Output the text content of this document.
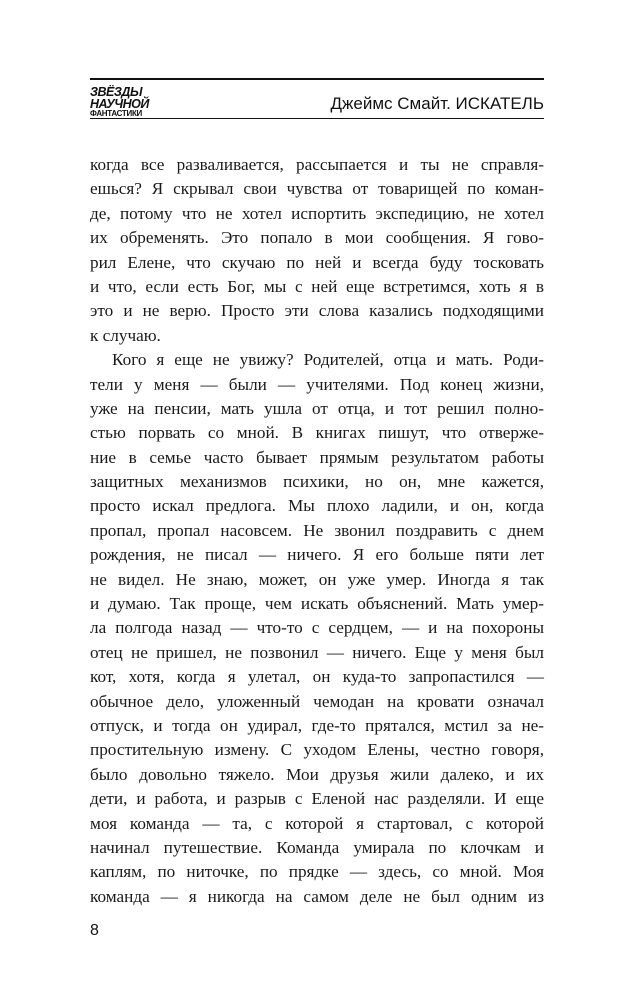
ЗВЁЗДЫ
НАУЧНОЙ
ФАНТАСТИКИ
Джеймс Смайт. ИСКАТЕЛЬ
когда все разваливается, рассыпается и ты не справля-
ешься? Я скрывал свои чувства от товарищей по коман-
де, потому что не хотел испортить экспедицию, не хотел
их обременять. Это попало в мои сообщения. Я гово-
рил Елене, что скучаю по ней и всегда буду тосковать
и что, если есть Бог, мы с ней еще встретимся, хоть я в
это и не верю. Просто эти слова казались подходящими
к случаю.
Кого я еще не увижу? Родителей, отца и мать. Роди-
тели у меня — были — учителями. Под конец жизни,
уже на пенсии, мать ушла от отца, и тот решил полно-
стью порвать со мной. В книгах пишут, что отверже-
ние в семье часто бывает прямым результатом работы
защитных механизмов психики, но он, мне кажется,
просто искал предлога. Мы плохо ладили, и он, когда
пропал, пропал насовсем. Не звонил поздравить с днем
рождения, не писал — ничего. Я его больше пяти лет
не видел. Не знаю, может, он уже умер. Иногда я так
и думаю. Так проще, чем искать объяснений. Мать умер-
ла полгода назад — что-то с сердцем, — и на похороны
отец не пришел, не позвонил — ничего. Еще у меня был
кот, хотя, когда я улетал, он куда-то запропастился —
обычное дело, уложенный чемодан на кровати означал
отпуск, и тогда он удирал, где-то прятался, мстил за не-
простительную измену. С уходом Елены, честно говоря,
было довольно тяжело. Мои друзья жили далеко, и их
дети, и работа, и разрыв с Еленой нас разделяли. И еще
моя команда — та, с которой я стартовал, с которой
начинал путешествие. Команда умирала по клочкам и
каплям, по ниточке, по прядке — здесь, со мной. Моя
команда — я никогда на самом деле не был одним из
8
